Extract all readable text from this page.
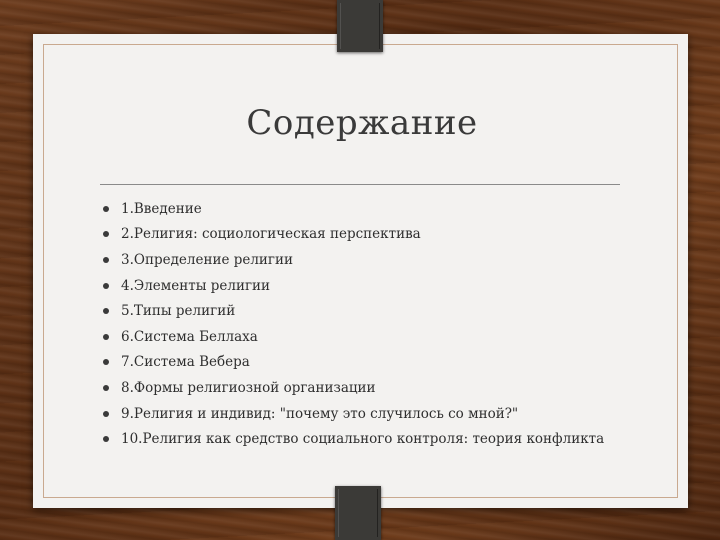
Содержание
1.Введение
2.Религия: социологическая перспектива
3.Определение религии
4.Элементы религии
5.Типы религий
6.Система Беллаха
7.Система Вебера
8.Формы религиозной организации
9.Религия и индивид: "почему это случилось со мной?"
10.Религия как средство социального контроля: теория конфликта
